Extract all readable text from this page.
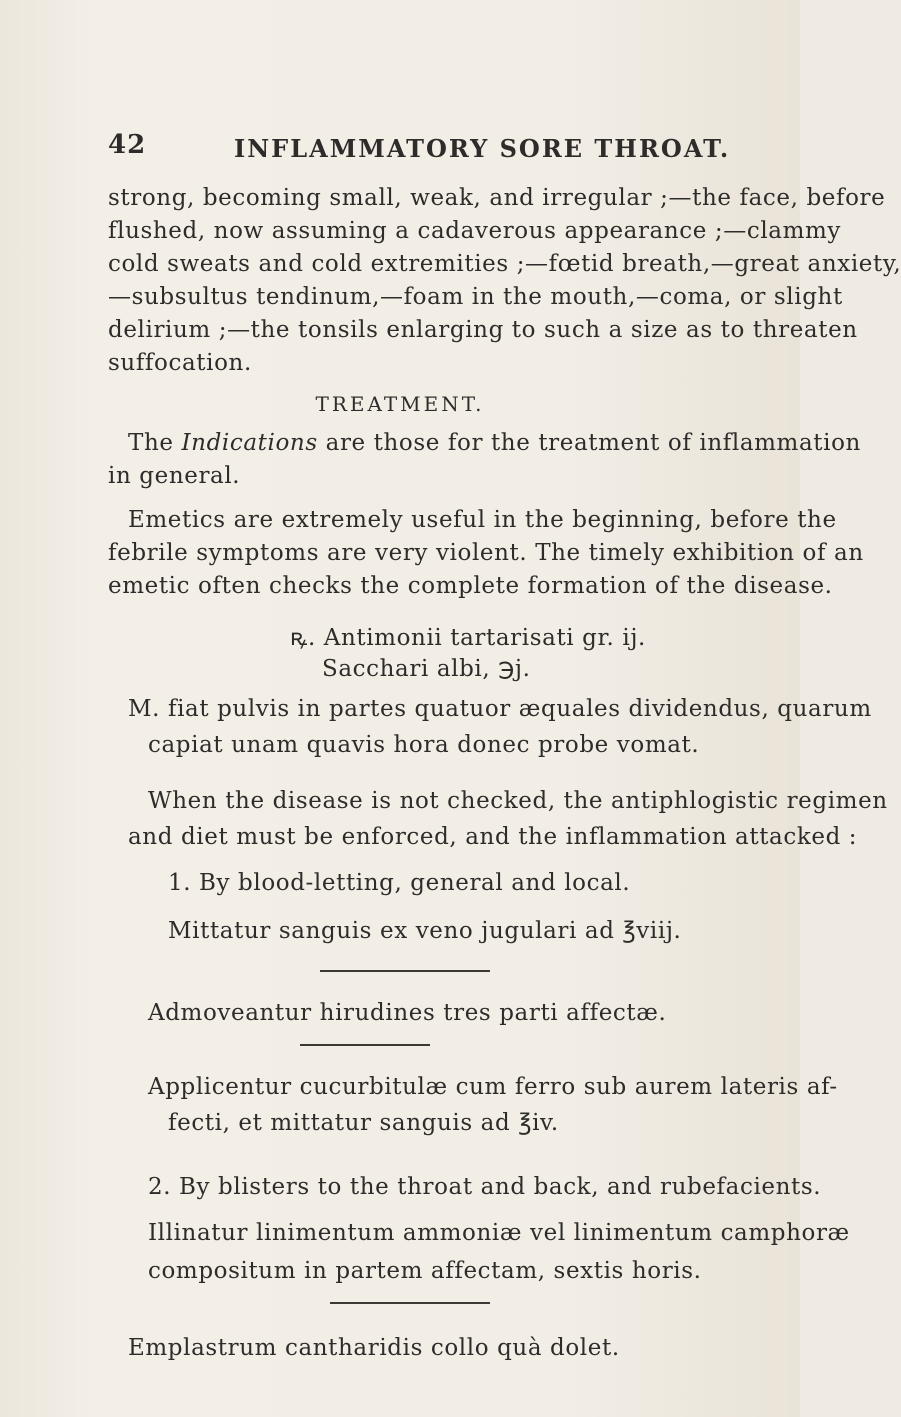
42	INFLAMMATORY SORE THROAT.
strong, becoming small, weak, and irregular ;—the face, before
flushed, now assuming a cadaverous appearance ;—clammy
cold sweats and cold extremities ;—fœtid breath,—great anxiety,
—subsultus tendinum,—foam in the mouth,—coma, or slight
delirium ;—the tonsils enlarging to such a size as to threaten
suffocation.
TREATMENT.
The Indications are those for the treatment of inflammation
in general.
Emetics are extremely useful in the beginning, before the
febrile symptoms are very violent. The timely exhibition of an
emetic often checks the complete formation of the disease.
ꝶ. Antimonii tartarisati gr. ij.
Sacchari albi, ℈j.
M. fiat pulvis in partes quatuor æquales dividendus, quarum
capiat unam quavis hora donec probe vomat.
When the disease is not checked, the antiphlogistic regimen
and diet must be enforced, and the inflammation attacked :
1. By blood-letting, general and local.
Mittatur sanguis ex veno jugulari ad ℥viij.
Admoveantur hirudines tres parti affectæ.
Applicentur cucurbitulæ cum ferro sub aurem lateris af-
fecti, et mittatur sanguis ad ℥iv.
2. By blisters to the throat and back, and rubefacients.
Illinatur linimentum ammoniæ vel linimentum camphoræ
compositum in partem affectam, sextis horis.
Emplastrum cantharidis collo quà dolet.
